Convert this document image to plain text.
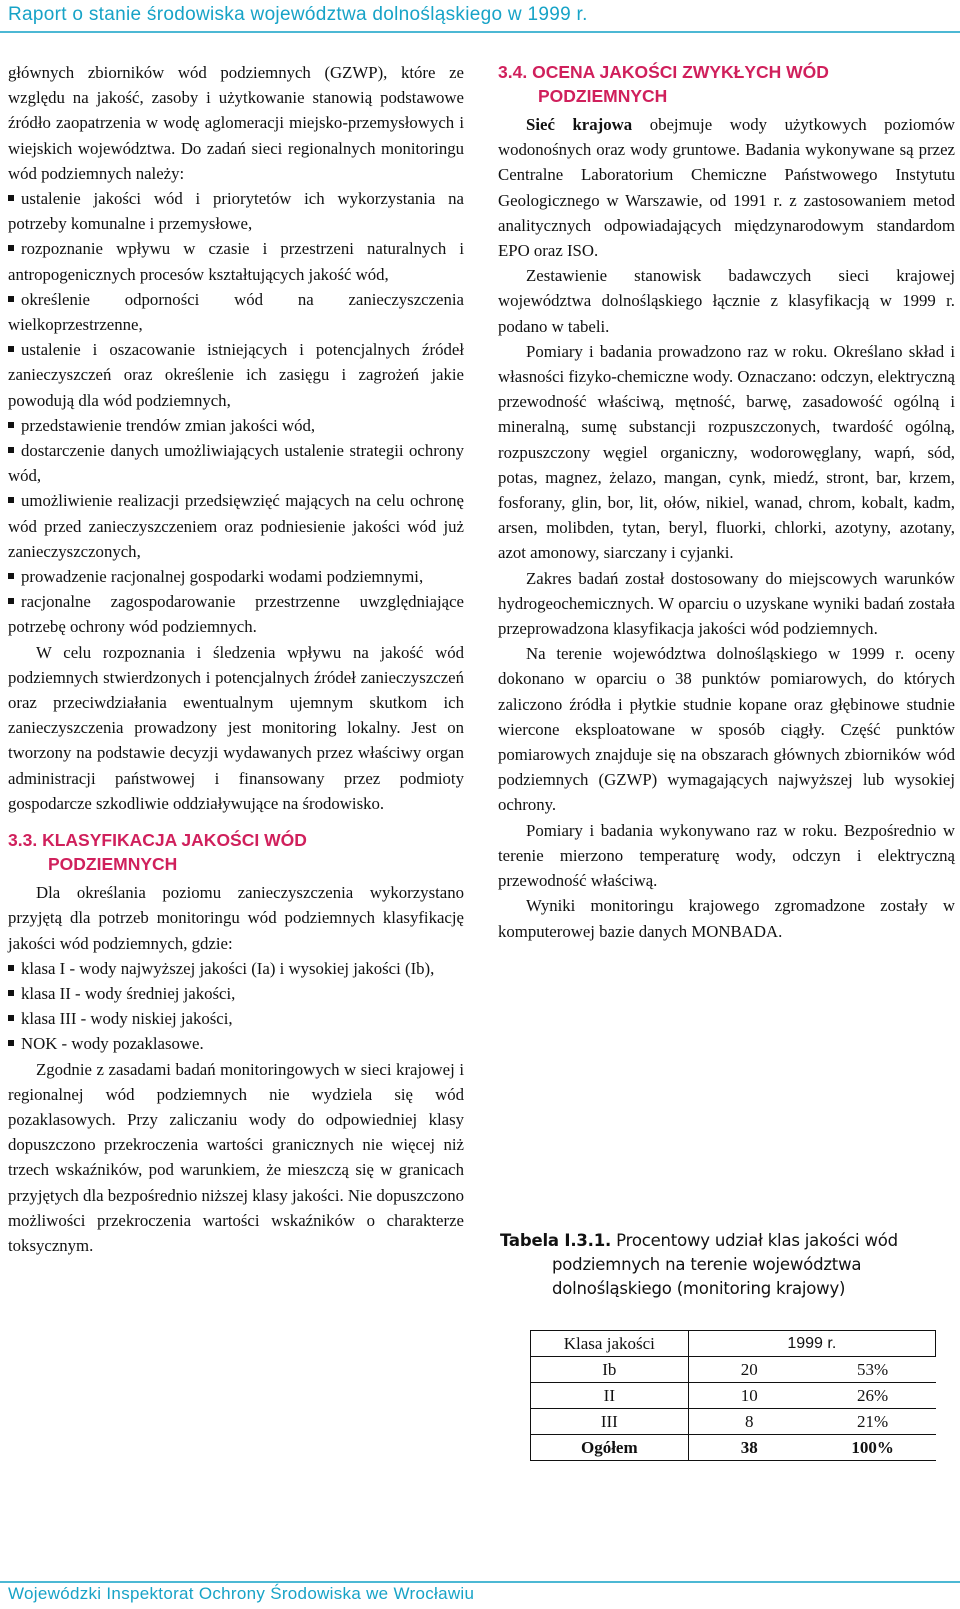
Raport o stanie środowiska województwa dolnośląskiego w 1999 r.

głównych zbiorników wód podziemnych (GZWP), które ze względu na jakość, zasoby i użytkowanie stanowią podstawowe źródło zaopatrzenia w wodę aglomeracji miejsko-przemysłowych i wiejskich województwa. Do zadań sieci regionalnych monitoringu wód podziemnych należy:

ustalenie jakości wód i priorytetów ich wykorzystania na potrzeby komunalne i przemysłowe,

rozpoznanie wpływu w czasie i przestrzeni naturalnych i antropogenicznych procesów kształtujących jakość wód,

określenie odporności wód na zanieczyszczenia wielkoprzestrzenne,

ustalenie i oszacowanie istniejących i potencjalnych źródeł zanieczyszczeń oraz określenie ich zasięgu i zagrożeń jakie powodują dla wód podziemnych,

przedstawienie trendów zmian jakości wód,

dostarczenie danych umożliwiających ustalenie strategii ochrony wód,

umożliwienie realizacji przedsięwzięć mających na celu ochronę wód przed zanieczyszczeniem oraz podniesienie jakości wód już zanieczyszczonych,

prowadzenie racjonalnej gospodarki wodami podziemnymi,

racjonalne zagospodarowanie przestrzenne uwzględniające potrzebę ochrony wód podziemnych.

W celu rozpoznania i śledzenia wpływu na jakość wód podziemnych stwierdzonych i potencjalnych źródeł zanieczyszczeń oraz przeciwdziałania ewentualnym ujemnym skutkom ich zanieczyszczenia prowadzony jest monitoring lokalny. Jest on tworzony na podstawie decyzji wydawanych przez właściwy organ administracji państwowej i finansowany przez podmioty gospodarcze szkodliwie oddziaływujące na środowisko.

3.3. KLASYFIKACJA JAKOŚCI WÓD
PODZIEMNYCH

Dla określania poziomu zanieczyszczenia wykorzystano przyjętą dla potrzeb monitoringu wód podziemnych klasyfikację jakości wód podziemnych, gdzie:

klasa I - wody najwyższej jakości (Ia) i wysokiej jakości (Ib),

klasa II - wody średniej jakości,

klasa III - wody niskiej jakości,

NOK - wody pozaklasowe.

Zgodnie z zasadami badań monitoringowych w sieci krajowej i regionalnej wód podziemnych nie wydziela się wód pozaklasowych. Przy zaliczaniu wody do odpowiedniej klasy dopuszczono przekroczenia wartości granicznych nie więcej niż trzech wskaźników, pod warunkiem, że mieszczą się w granicach przyjętych dla bezpośrednio niższej klasy jakości. Nie dopuszczono możliwości przekroczenia wartości wskaźników o charakterze toksycznym.

3.4. OCENA JAKOŚCI ZWYKŁYCH WÓD
PODZIEMNYCH

Sieć krajowa obejmuje wody użytkowych poziomów wodonośnych oraz wody gruntowe. Badania wykonywane są przez Centralne Laboratorium Chemiczne Państwowego Instytutu Geologicznego w Warszawie, od 1991 r. z zastosowaniem metod analitycznych odpowiadających międzynarodowym standardom EPO oraz ISO.

Zestawienie stanowisk badawczych sieci krajowej województwa dolnośląskiego łącznie z klasyfikacją w 1999 r. podano w tabeli.

Pomiary i badania prowadzono raz w roku. Określano skład i własności fizyko-chemiczne wody. Oznaczano: odczyn, elektryczną przewodność właściwą, mętność, barwę, zasadowość ogólną i mineralną, sumę substancji rozpuszczonych, twardość ogólną, rozpuszczony węgiel organiczny, wodorowęglany, wapń, sód, potas, magnez, żelazo, mangan, cynk, miedź, stront, bar, krzem, fosforany, glin, bor, lit, ołów, nikiel, wanad, chrom, kobalt, kadm, arsen, molibden, tytan, beryl, fluorki, chlorki, azotyny, azotany, azot amonowy, siarczany i cyjanki.

Zakres badań został dostosowany do miejscowych warunków hydrogeochemicznych. W oparciu o uzyskane wyniki badań została przeprowadzona klasyfikacja jakości wód podziemnych.

Na terenie województwa dolnośląskiego w 1999 r. oceny dokonano w oparciu o 38 punktów pomiarowych, do których zaliczono źródła i płytkie studnie kopane oraz głębinowe studnie wiercone eksploatowane w sposób ciągły. Część punktów pomiarowych znajduje się na obszarach głównych zbiorników wód podziemnych (GZWP) wymagających najwyższej lub wysokiej ochrony.

Pomiary i badania wykonywano raz w roku. Bezpośrednio w terenie mierzono temperaturę wody, odczyn i elektryczną przewodność właściwą.

Wyniki monitoringu krajowego zgromadzone zostały w komputerowej bazie danych MONBADA.

Tabela I.3.1. Procentowy udział klas jakości wód
podziemnych na terenie województwa
dolnośląskiego (monitoring krajowy)
Klasa jakości	1999 r.	
Ib	20	53%
II	10	26%
III	8	21%
Ogółem	38	100%
Wojewódzki Inspektorat Ochrony Środowiska we Wrocławiu
